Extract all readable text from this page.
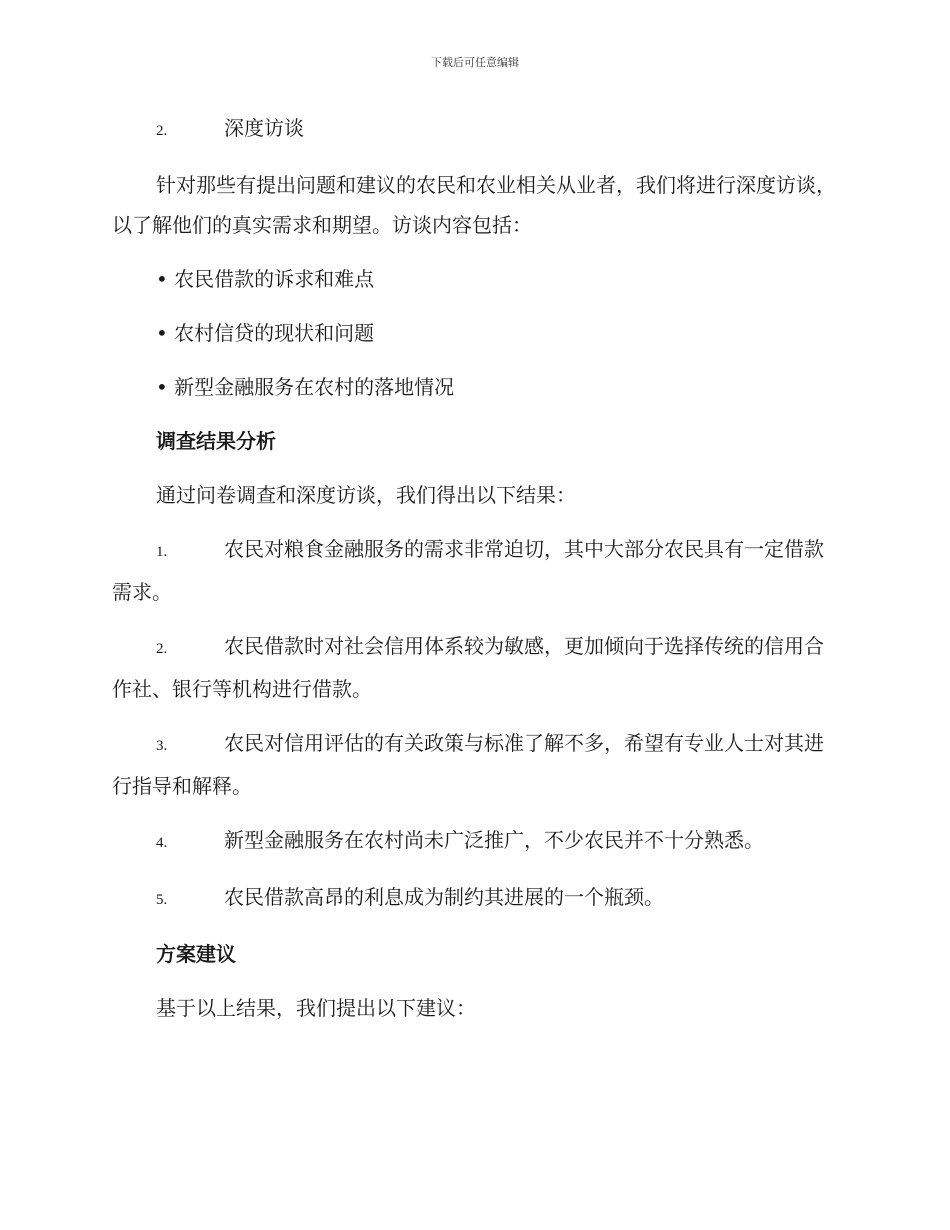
下载后可任意编辑
2.	深度访谈

针对那些有提出问题和建议的农民和农业相关从业者，我们将进行深度访谈，以了解他们的真实需求和期望。访谈内容包括：

• 农民借款的诉求和难点
• 农村信贷的现状和问题
• 新型金融服务在农村的落地情况
调查结果分析

通过问卷调查和深度访谈，我们得出以下结果：

1.	农民对粮食金融服务的需求非常迫切，其中大部分农民具有一定借款需求。
2.	农民借款时对社会信用体系较为敏感，更加倾向于选择传统的信用合作社、银行等机构进行借款。
3.	农民对信用评估的有关政策与标准了解不多，希望有专业人士对其进行指导和解释。
4.	新型金融服务在农村尚未广泛推广，不少农民并不十分熟悉。
5.	农民借款高昂的利息成为制约其进展的一个瓶颈。
方案建议

基于以上结果，我们提出以下建议：
